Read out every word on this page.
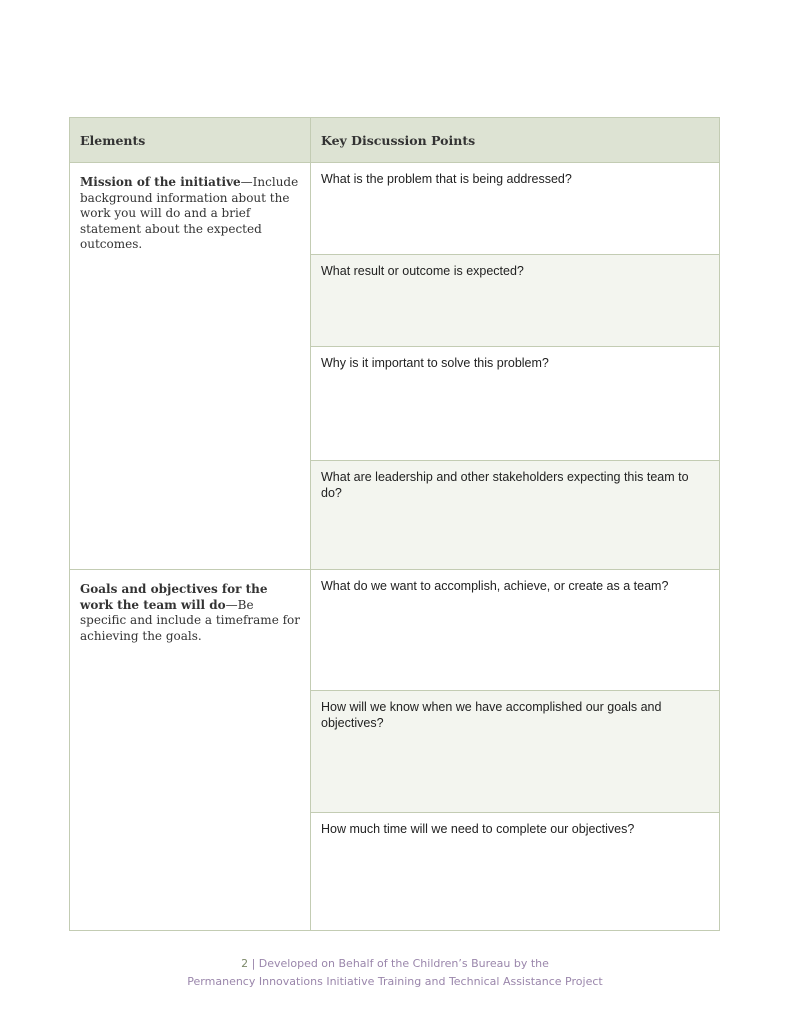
Elements	Key Discussion Points
Mission of the initiative—Include background information about the work you will do and a brief statement about the expected outcomes.	What is the problem that is being addressed?
	What result or outcome is expected?
	Why is it important to solve this problem?
	What are leadership and other stakeholders expecting this team to do?
Goals and objectives for the work the team will do—Be specific and include a timeframe for achieving the goals.	What do we want to accomplish, achieve, or create as a team?
	How will we know when we have accomplished our goals and objectives?
	How much time will we need to complete our objectives?
2 | Developed on Behalf of the Children’s Bureau by the
Permanency Innovations Initiative Training and Technical Assistance Project
